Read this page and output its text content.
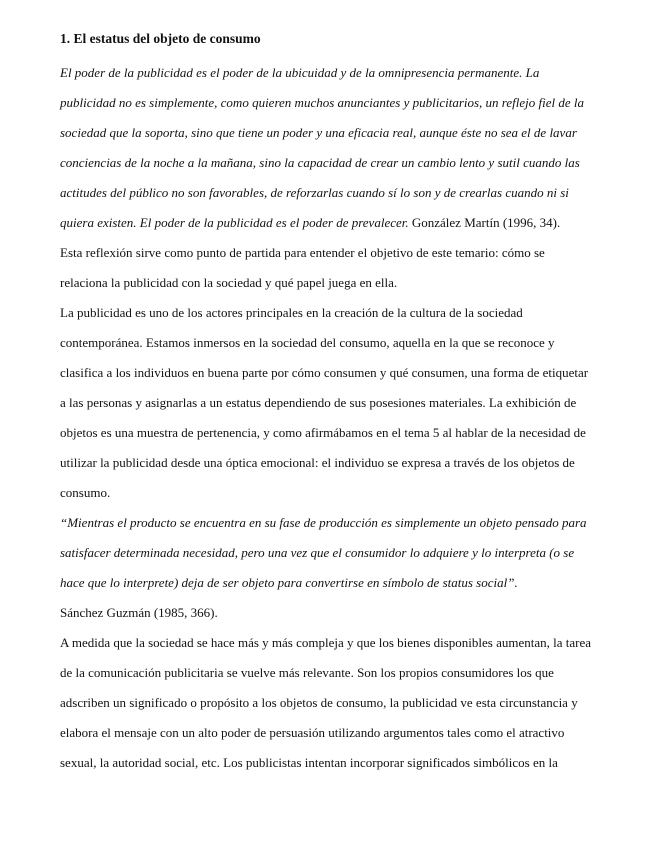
1. El estatus del objeto de consumo

El poder de la publicidad es el poder de la ubicuidad y de la omnipresencia permanente. La publicidad no es simplemente, como quieren muchos anunciantes y publicitarios, un reflejo fiel de la sociedad que la soporta, sino que tiene un poder y una eficacia real, aunque éste no sea el de lavar conciencias de la noche a la mañana, sino la capacidad de crear un cambio lento y sutil cuando las actitudes del público no son favorables, de reforzarlas cuando sí lo son y de crearlas cuando ni si quiera existen. El poder de la publicidad es el poder de prevalecer. González Martín (1996, 34).

Esta reflexión sirve como punto de partida para entender el objetivo de este temario: cómo se relaciona la publicidad con la sociedad y qué papel juega en ella.

La publicidad es uno de los actores principales en la creación de la cultura de la sociedad contemporánea. Estamos inmersos en la sociedad del consumo, aquella en la que se reconoce y clasifica a los individuos en buena parte por cómo consumen y qué consumen, una forma de etiquetar a las personas y asignarlas a un estatus dependiendo de sus posesiones materiales. La exhibición de objetos es una muestra de pertenencia, y como afirmábamos en el tema 5 al hablar de la necesidad de utilizar la publicidad desde una óptica emocional: el individuo se expresa a través de los objetos de consumo.

“Mientras el producto se encuentra en su fase de producción es simplemente un objeto pensado para satisfacer determinada necesidad, pero una vez que el consumidor lo adquiere y lo interpreta (o se hace que lo interprete) deja de ser objeto para convertirse en símbolo de status social”.
Sánchez Guzmán (1985, 366).

A medida que la sociedad se hace más y más compleja y que los bienes disponibles aumentan, la tarea de la comunicación publicitaria se vuelve más relevante. Son los propios consumidores los que adscriben un significado o propósito a los objetos de consumo, la publicidad ve esta circunstancia y elabora el mensaje con un alto poder de persuasión utilizando argumentos tales como el atractivo sexual, la autoridad social, etc. Los publicistas intentan incorporar significados simbólicos en la
